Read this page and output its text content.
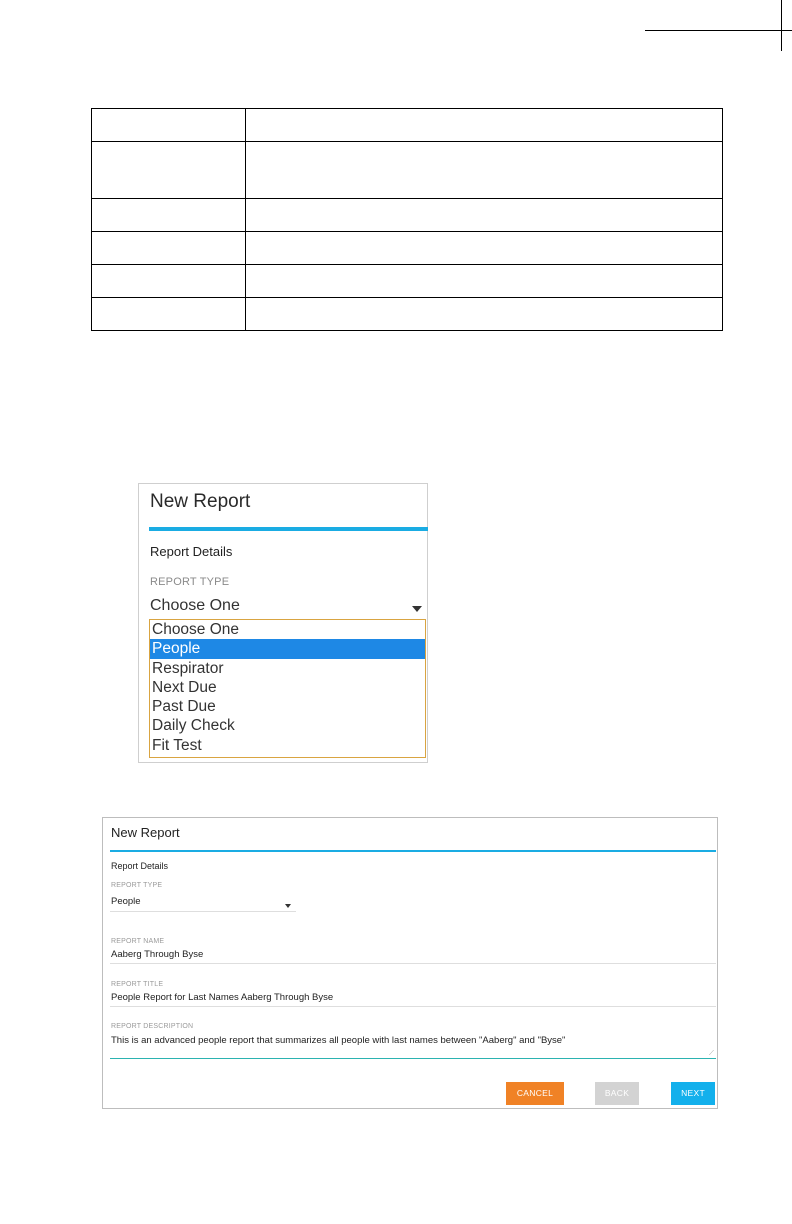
New Report
Report Details
REPORT TYPE
Choose One
Choose One
People
Respirator
Next Due
Past Due
Daily Check
Fit Test
New Report
Report Details
REPORT TYPE
People
REPORT NAME
Aaberg Through Byse
REPORT TITLE
People Report for Last Names Aaberg Through Byse
REPORT DESCRIPTION
This is an advanced people report that summarizes all people with last names between "Aaberg" and "Byse"
⟋
CANCEL	BACK	NEXT
